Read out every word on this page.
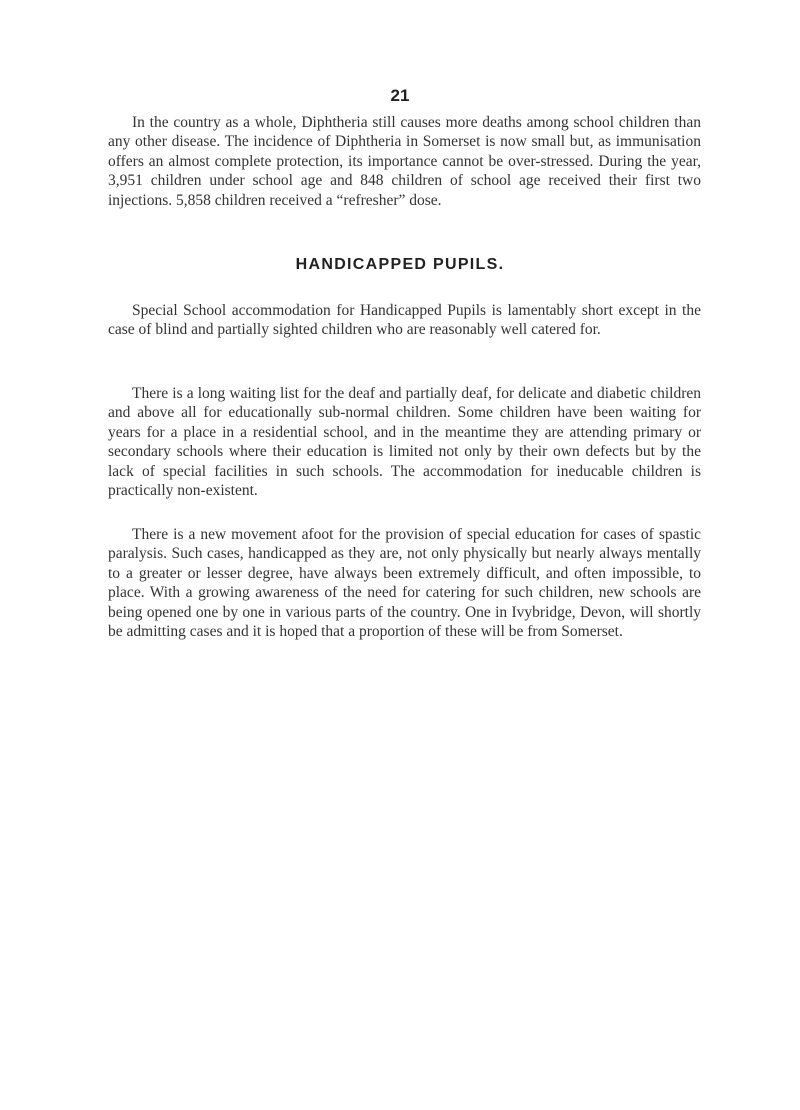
21

In the country as a whole, Diphtheria still causes more deaths among school children than any other disease. The incidence of Diphtheria in Somerset is now small but, as immunisation offers an almost complete protection, its importance cannot be over-stressed. During the year, 3,951 children under school age and 848 children of school age received their first two injections. 5,858 children received a “refresher” dose.

HANDICAPPED PUPILS.

Special School accommodation for Handicapped Pupils is lamentably short except in the case of blind and partially sighted children who are reasonably well catered for.

There is a long waiting list for the deaf and partially deaf, for delicate and diabetic children and above all for educationally sub-normal children. Some children have been waiting for years for a place in a residential school, and in the meantime they are attending primary or secondary schools where their education is limited not only by their own defects but by the lack of special facilities in such schools. The accommodation for ineducable children is practically non-existent.

There is a new movement afoot for the provision of special education for cases of spastic paralysis. Such cases, handicapped as they are, not only physically but nearly always mentally to a greater or lesser degree, have always been extremely difficult, and often impossible, to place. With a growing awareness of the need for catering for such children, new schools are being opened one by one in various parts of the country. One in Ivybridge, Devon, will shortly be admitting cases and it is hoped that a proportion of these will be from Somerset.
